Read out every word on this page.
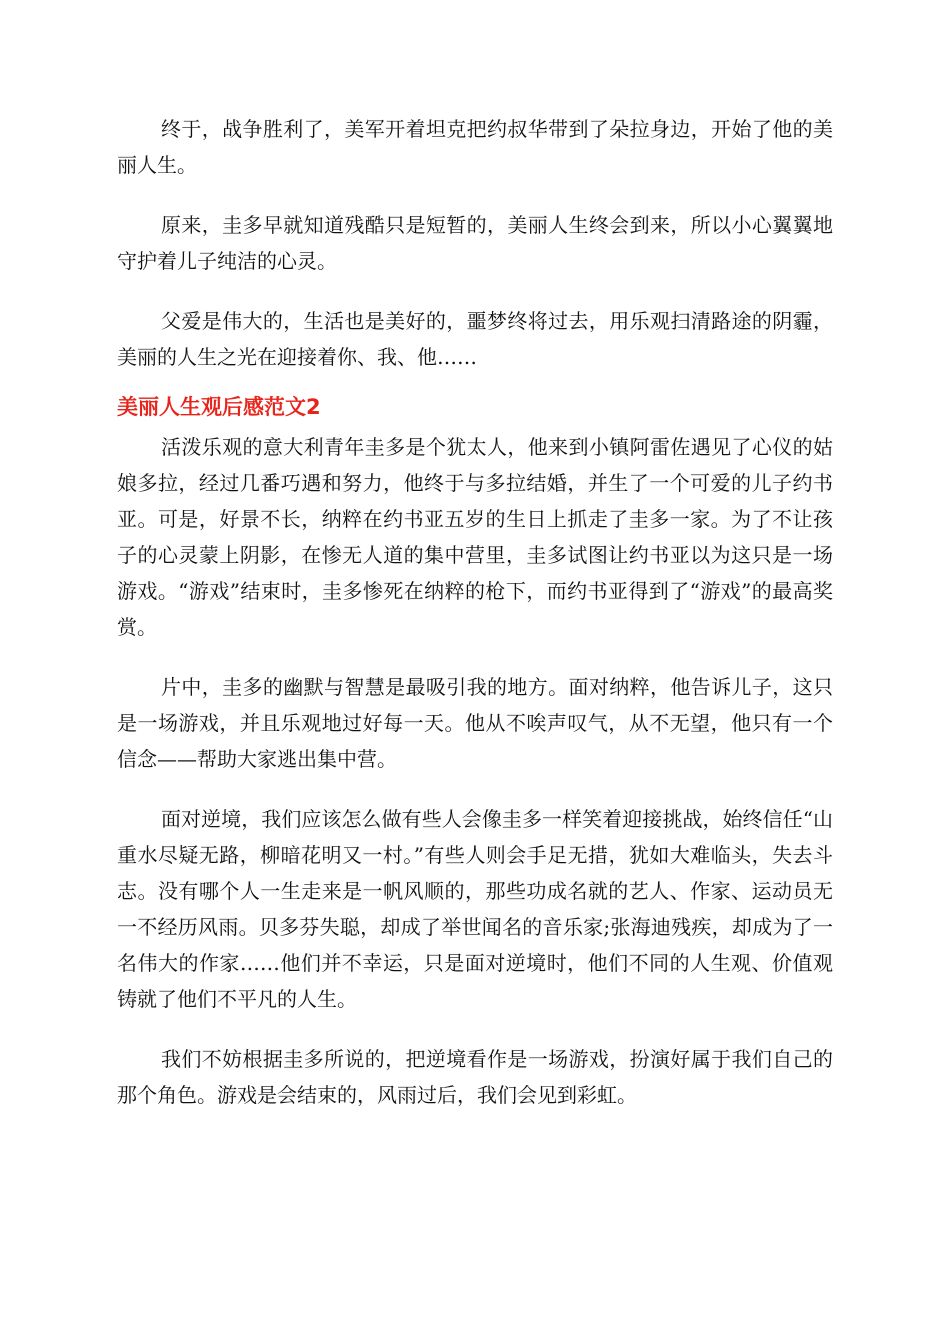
终于，战争胜利了，美军开着坦克把约叔华带到了朵拉身边，开始了他的美丽人生。

原来，圭多早就知道残酷只是短暂的，美丽人生终会到来，所以小心翼翼地守护着儿子纯洁的心灵。

父爱是伟大的，生活也是美好的，噩梦终将过去，用乐观扫清路途的阴霾，美丽的人生之光在迎接着你、我、他……

美丽人生观后感范文2

活泼乐观的意大利青年圭多是个犹太人，他来到小镇阿雷佐遇见了心仪的姑娘多拉，经过几番巧遇和努力，他终于与多拉结婚，并生了一个可爱的儿子约书亚。可是，好景不长，纳粹在约书亚五岁的生日上抓走了圭多一家。为了不让孩子的心灵蒙上阴影，在惨无人道的集中营里，圭多试图让约书亚以为这只是一场游戏。“游戏”结束时，圭多惨死在纳粹的枪下，而约书亚得到了“游戏”的最高奖赏。

片中，圭多的幽默与智慧是最吸引我的地方。面对纳粹，他告诉儿子，这只是一场游戏，并且乐观地过好每一天。他从不唉声叹气，从不无望，他只有一个信念——帮助大家逃出集中营。

面对逆境，我们应该怎么做有些人会像圭多一样笑着迎接挑战，始终信任“山重水尽疑无路，柳暗花明又一村。”有些人则会手足无措，犹如大难临头，失去斗志。没有哪个人一生走来是一帆风顺的，那些功成名就的艺人、作家、运动员无一不经历风雨。贝多芬失聪，却成了举世闻名的音乐家;张海迪残疾，却成为了一名伟大的作家……他们并不幸运，只是面对逆境时，他们不同的人生观、价值观铸就了他们不平凡的人生。

我们不妨根据圭多所说的，把逆境看作是一场游戏，扮演好属于我们自己的那个角色。游戏是会结束的，风雨过后，我们会见到彩虹。
